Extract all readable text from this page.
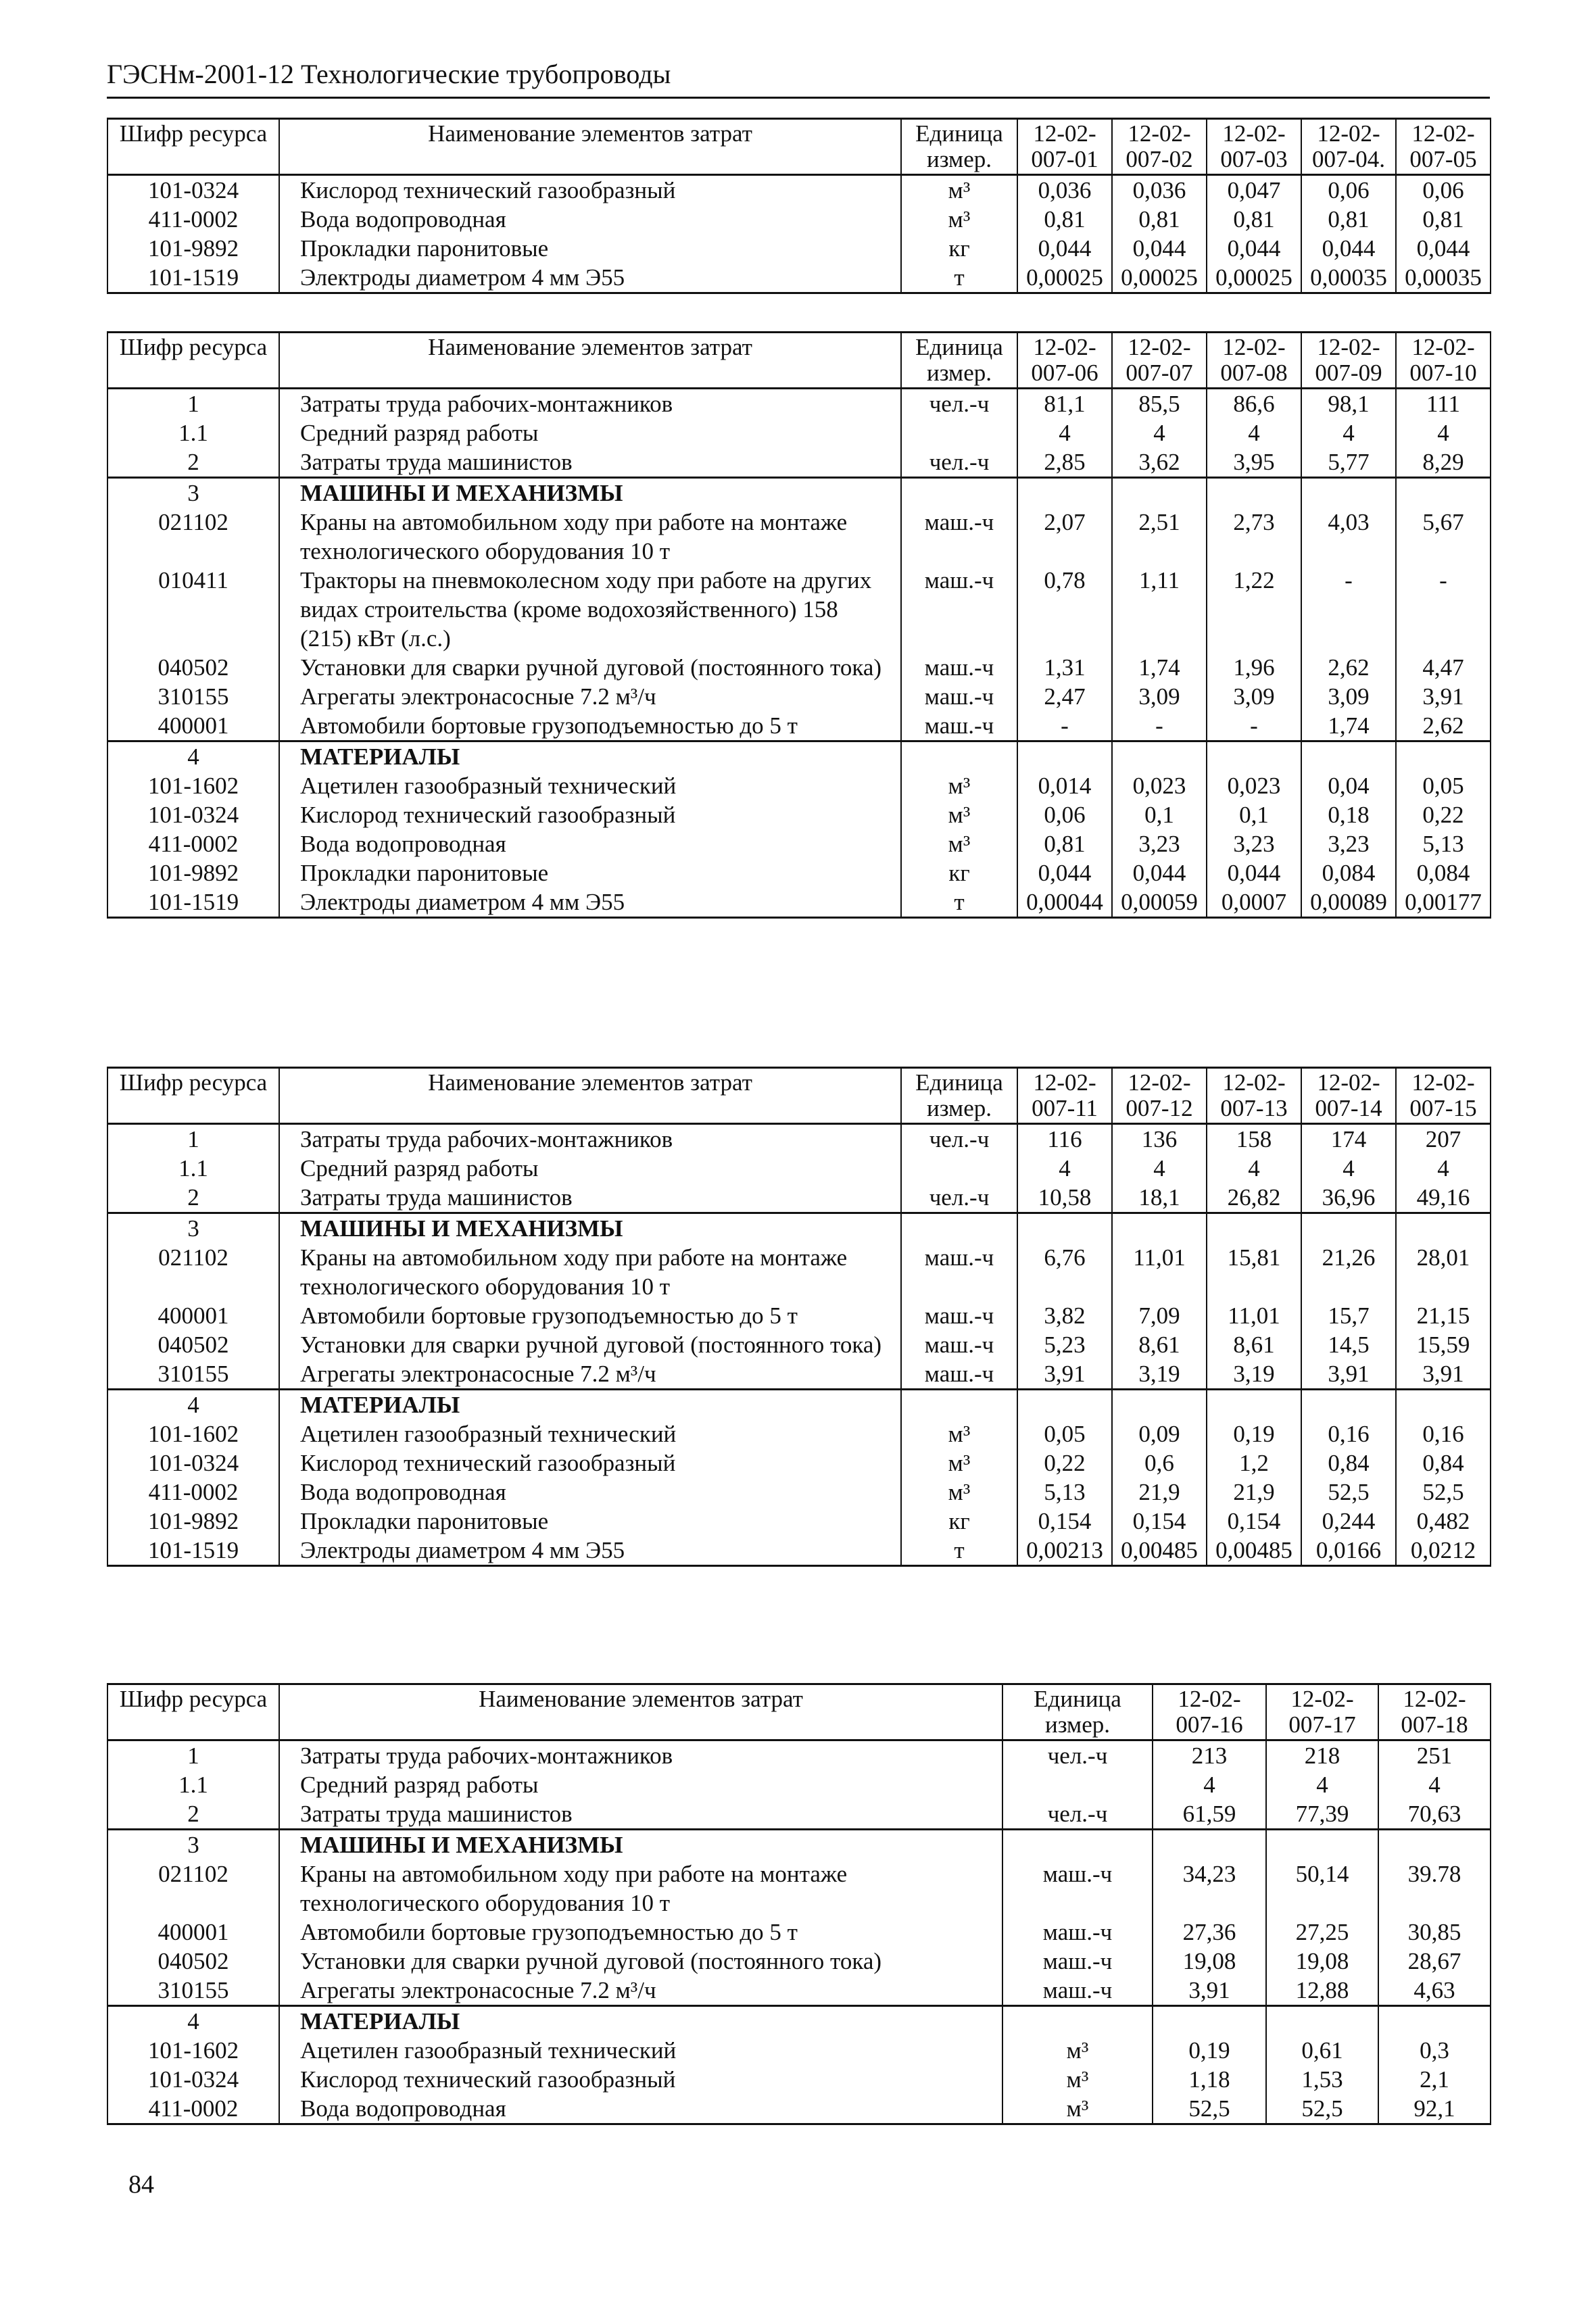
ГЭСНм-2001-12 Технологические трубопроводы
Шифр ресурса	Наименование элементов затрат	Единица измер.	12-02- 007-01	12-02- 007-02	12-02- 007-03	12-02- 007-04.	12-02- 007-05
101-0324	Кислород технический газообразный	м³	0,036	0,036	0,047	0,06	0,06
411-0002	Вода водопроводная	м³	0,81	0,81	0,81	0,81	0,81
101-9892	Прокладки паронитовые	кг	0,044	0,044	0,044	0,044	0,044
101-1519	Электроды диаметром 4 мм Э55	т	0,00025	0,00025	0,00025	0,00035	0,00035
Шифр ресурса	Наименование элементов затрат	Единица измер.	12-02- 007-06	12-02- 007-07	12-02- 007-08	12-02- 007-09	12-02- 007-10
1	Затраты труда рабочих-монтажников	чел.-ч	81,1	85,5	86,6	98,1	111
1.1	Средний разряд работы		4	4	4	4	4
2	Затраты труда машинистов	чел.-ч	2,85	3,62	3,95	5,77	8,29
3	МАШИНЫ И МЕХАНИЗМЫ						
021102	Краны на автомобильном ходу при работе на монтаже технологического оборудования 10 т	маш.-ч	2,07	2,51	2,73	4,03	5,67
010411	Тракторы на пневмоколесном ходу при работе на других видах строительства (кроме водохозяйственного) 158 (215) кВт (л.с.)	маш.-ч	0,78	1,11	1,22	-	-
040502	Установки для сварки ручной дуговой (постоянного тока)	маш.-ч	1,31	1,74	1,96	2,62	4,47
310155	Агрегаты электронасосные 7.2 м³/ч	маш.-ч	2,47	3,09	3,09	3,09	3,91
400001	Автомобили бортовые грузоподъемностью до 5 т	маш.-ч	-	-	-	1,74	2,62
4	МАТЕРИАЛЫ						
101-1602	Ацетилен газообразный технический	м³	0,014	0,023	0,023	0,04	0,05
101-0324	Кислород технический газообразный	м³	0,06	0,1	0,1	0,18	0,22
411-0002	Вода водопроводная	м³	0,81	3,23	3,23	3,23	5,13
101-9892	Прокладки паронитовые	кг	0,044	0,044	0,044	0,084	0,084
101-1519	Электроды диаметром 4 мм Э55	т	0,00044	0,00059	0,0007	0,00089	0,00177
Шифр ресурса	Наименование элементов затрат	Единица измер.	12-02- 007-11	12-02- 007-12	12-02- 007-13	12-02- 007-14	12-02- 007-15
1	Затраты труда рабочих-монтажников	чел.-ч	116	136	158	174	207
1.1	Средний разряд работы		4	4	4	4	4
2	Затраты труда машинистов	чел.-ч	10,58	18,1	26,82	36,96	49,16
3	МАШИНЫ И МЕХАНИЗМЫ						
021102	Краны на автомобильном ходу при работе на монтаже технологического оборудования 10 т	маш.-ч	6,76	11,01	15,81	21,26	28,01
400001	Автомобили бортовые грузоподъемностью до 5 т	маш.-ч	3,82	7,09	11,01	15,7	21,15
040502	Установки для сварки ручной дуговой (постоянного тока)	маш.-ч	5,23	8,61	8,61	14,5	15,59
310155	Агрегаты электронасосные 7.2 м³/ч	маш.-ч	3,91	3,19	3,19	3,91	3,91
4	МАТЕРИАЛЫ						
101-1602	Ацетилен газообразный технический	м³	0,05	0,09	0,19	0,16	0,16
101-0324	Кислород технический газообразный	м³	0,22	0,6	1,2	0,84	0,84
411-0002	Вода водопроводная	м³	5,13	21,9	21,9	52,5	52,5
101-9892	Прокладки паронитовые	кг	0,154	0,154	0,154	0,244	0,482
101-1519	Электроды диаметром 4 мм Э55	т	0,00213	0,00485	0,00485	0,0166	0,0212
Шифр ресурса	Наименование элементов затрат	Единица измер.	12-02- 007-16	12-02- 007-17	12-02- 007-18
1	Затраты труда рабочих-монтажников	чел.-ч	213	218	251
1.1	Средний разряд работы		4	4	4
2	Затраты труда машинистов	чел.-ч	61,59	77,39	70,63
3	МАШИНЫ И МЕХАНИЗМЫ				
021102	Краны на автомобильном ходу при работе на монтаже технологического оборудования 10 т	маш.-ч	34,23	50,14	39.78
400001	Автомобили бортовые грузоподъемностью до 5 т	маш.-ч	27,36	27,25	30,85
040502	Установки для сварки ручной дуговой (постоянного тока)	маш.-ч	19,08	19,08	28,67
310155	Агрегаты электронасосные 7.2 м³/ч	маш.-ч	3,91	12,88	4,63
4	МАТЕРИАЛЫ				
101-1602	Ацетилен газообразный технический	м³	0,19	0,61	0,3
101-0324	Кислород технический газообразный	м³	1,18	1,53	2,1
411-0002	Вода водопроводная	м³	52,5	52,5	92,1
84
